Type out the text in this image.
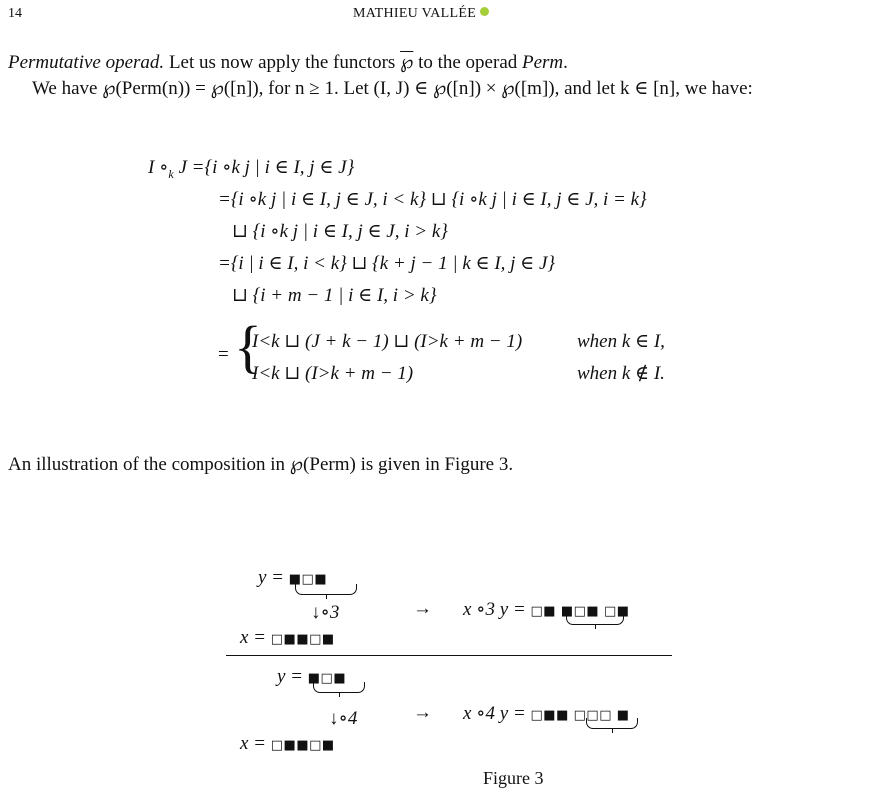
14	MATHIEU VALLÉE
Permutative operad. Let us now apply the functors ℘ to the operad Perm.
We have ℘(Perm(n)) = ℘([n]), for n ≥ 1. Let (I, J) ∈ ℘([n]) × ℘([m]), and let k ∈ [n], we have:
I $\circ_k$ J ={i ∘k j | i ∈ I, j ∈ J}
={i ∘k j | i ∈ I, j ∈ J, i < k} ⊔ {i ∘k j | i ∈ I, j ∈ J, i = k}
⊔ {i ∘k j | i ∈ I, j ∈ J, i > k}
={i | i ∈ I, i < k} ⊔ {k + j − 1 | k ∈ I, j ∈ J}
⊔ {i + m − 1 | i ∈ I, i > k}
= {
I<k ⊔ (J + k − 1) ⊔ (I>k + m − 1)	when k ∈ I,
I<k ⊔ (I>k + m − 1)	when k ∉ I.
An illustration of the composition in ℘(Perm) is given in Figure 3.
y = ■□■
↓∘3
x = □■■□■
→ x ∘3 y = □■ ■□■ □■
y = ■□■
↓∘4
x = □■■□■
→ x ∘4 y = □■■ □□□ ■
Figure 3
